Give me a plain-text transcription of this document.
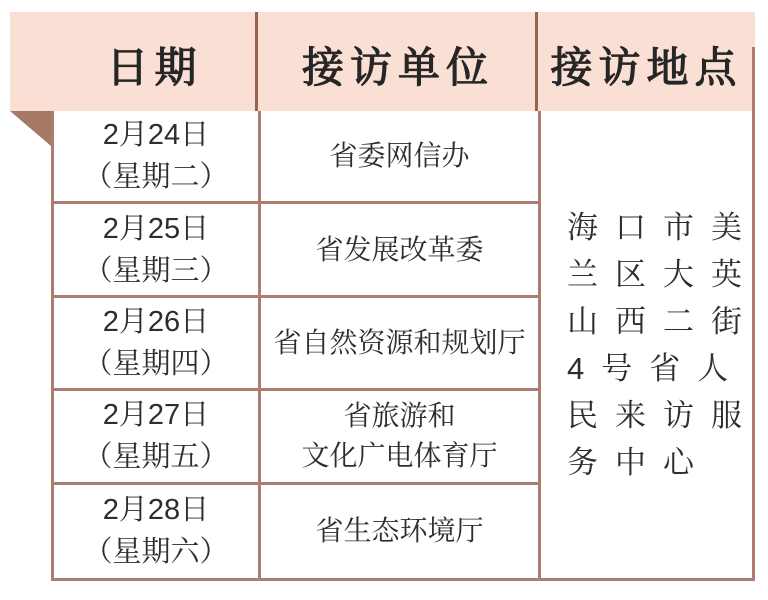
日期	接访单位	接访地点
2月24日
（星期二）
省委网信办
海口市美
兰区大英
山西二街
4号省人
民来访服
务中心
2月25日
（星期三）
省发展改革委
2月26日
（星期四）
省自然资源和规划厅
2月27日
（星期五）
省旅游和
文化广电体育厅
2月28日
（星期六）
省生态环境厅
